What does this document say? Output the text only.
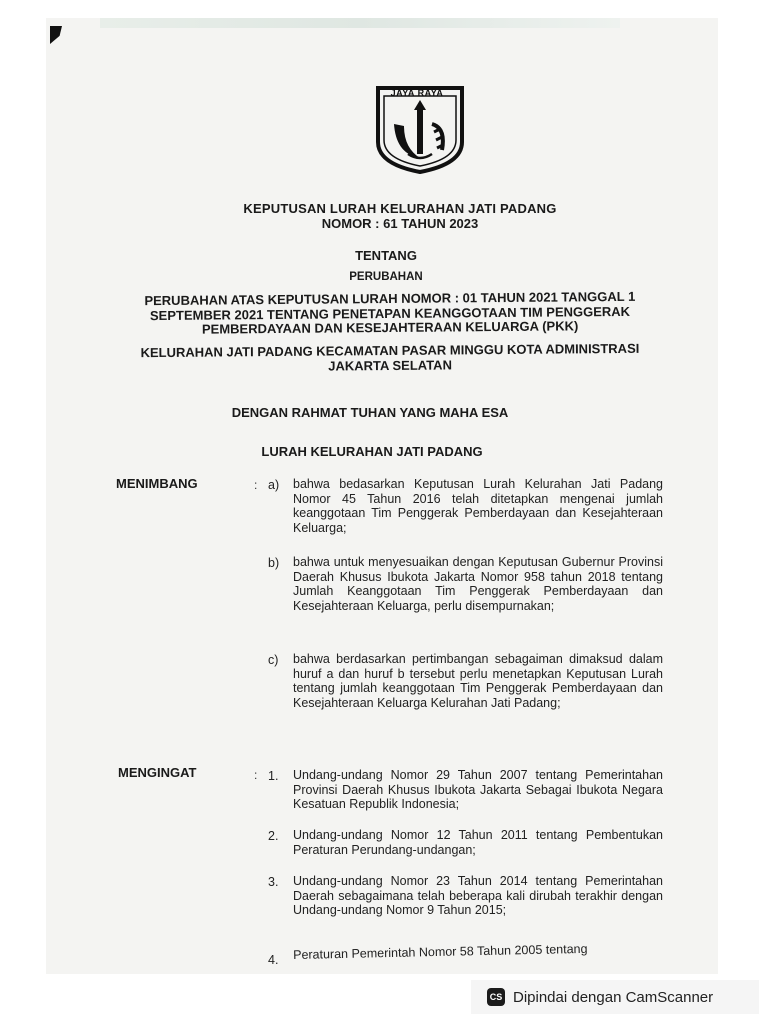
JAYA RAYA
KEPUTUSAN LURAH KELURAHAN JATI PADANG
NOMOR : 61 TAHUN 2023
TENTANG
PERUBAHAN
PERUBAHAN ATAS KEPUTUSAN LURAH NOMOR : 01 TAHUN 2021 TANGGAL 1 SEPTEMBER 2021 TENTANG PENETAPAN KEANGGOTAAN TIM PENGGERAK PEMBERDAYAAN DAN KESEJAHTERAAN KELUARGA (PKK)
KELURAHAN JATI PADANG KECAMATAN PASAR MINGGU KOTA ADMINISTRASI JAKARTA SELATAN
DENGAN RAHMAT TUHAN YANG MAHA ESA
LURAH KELURAHAN JATI PADANG
MENIMBANG	: a) bahwa bedasarkan Keputusan Lurah Kelurahan Jati Padang Nomor 45 Tahun 2016 telah ditetapkan mengenai jumlah keanggotaan Tim Penggerak Pemberdayaan dan Kesejahteraan Keluarga;
b) bahwa untuk menyesuaikan dengan Keputusan Gubernur Provinsi Daerah Khusus Ibukota Jakarta Nomor 958 tahun 2018 tentang Jumlah Keanggotaan Tim Penggerak Pemberdayaan dan Kesejahteraan Keluarga, perlu disempurnakan;
c) bahwa berdasarkan pertimbangan sebagaiman dimaksud dalam huruf a dan huruf b tersebut perlu menetapkan Keputusan Lurah tentang jumlah keanggotaan Tim Penggerak Pemberdayaan dan Kesejahteraan Keluarga Kelurahan Jati Padang;
MENGINGAT	: 1. Undang-undang Nomor 29 Tahun 2007 tentang Pemerintahan Provinsi Daerah Khusus Ibukota Jakarta Sebagai Ibukota Negara Kesatuan Republik Indonesia;
2. Undang-undang Nomor 12 Tahun 2011 tentang Pembentukan Peraturan Perundang-undangan;
3. Undang-undang Nomor 23 Tahun 2014 tentang Pemerintahan Daerah sebagaimana telah beberapa kali dirubah terakhir dengan Undang-undang Nomor 9 Tahun 2015;
4. Peraturan Pemerintah Nomor 58 Tahun 2005 tentang
CS Dipindai dengan CamScanner
